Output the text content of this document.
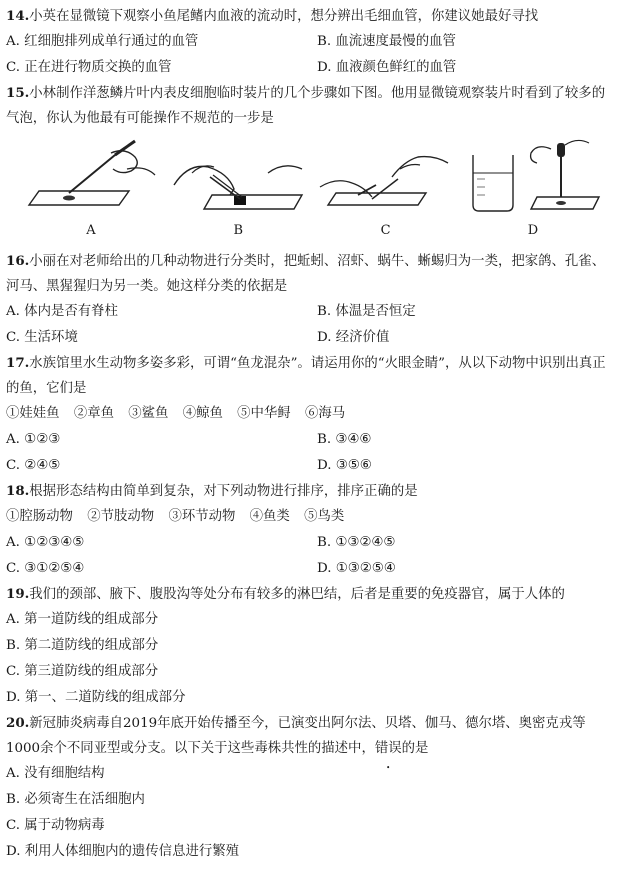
14.小英在显微镜下观察小鱼尾鳍内血液的流动时，想分辨出毛细血管，你建议她最好寻找
A. 红细胞排列成单行通过的血管	B. 血流速度最慢的血管
C. 正在进行物质交换的血管	D. 血液颜色鲜红的血管
15.小林制作洋葱鳞片叶内表皮细胞临时装片的几个步骤如下图。他用显微镜观察装片时看到了较多的气泡，你认为他最有可能操作不规范的一步是
A	B	C	D
16.小丽在对老师给出的几种动物进行分类时，把蚯蚓、沼虾、蜗牛、蜥蜴归为一类，把家鸽、孔雀、河马、黑猩猩归为另一类。她这样分类的依据是
A. 体内是否有脊柱	B. 体温是否恒定
C. 生活环境	D. 经济价值
17.水族馆里水生动物多姿多彩，可谓“鱼龙混杂”。请运用你的“火眼金睛”，从以下动物中识别出真正的鱼，它们是
①娃娃鱼 ②章鱼 ③鲨鱼 ④鲸鱼 ⑤中华鲟 ⑥海马
A. ①②③	B. ③④⑥
C. ②④⑤	D. ③⑤⑥
18.根据形态结构由简单到复杂，对下列动物进行排序，排序正确的是
①腔肠动物 ②节肢动物 ③环节动物 ④鱼类 ⑤鸟类
A. ①②③④⑤	B. ①③②④⑤
C. ③①②⑤④	D. ①③②⑤④
19.我们的颈部、腋下、腹股沟等处分布有较多的淋巴结，后者是重要的免疫器官，属于人体的
A. 第一道防线的组成部分
B. 第二道防线的组成部分
C. 第三道防线的组成部分
D. 第一、二道防线的组成部分
20.新冠肺炎病毒自2019年底开始传播至今，已演变出阿尔法、贝塔、伽马、德尔塔、奥密克戎等1000余个不同亚型或分支。以下关于这些毒株共性的描述中，错误的是
A. 没有细胞结构
B. 必须寄生在活细胞内
C. 属于动物病毒
D. 利用人体细胞内的遗传信息进行繁殖
